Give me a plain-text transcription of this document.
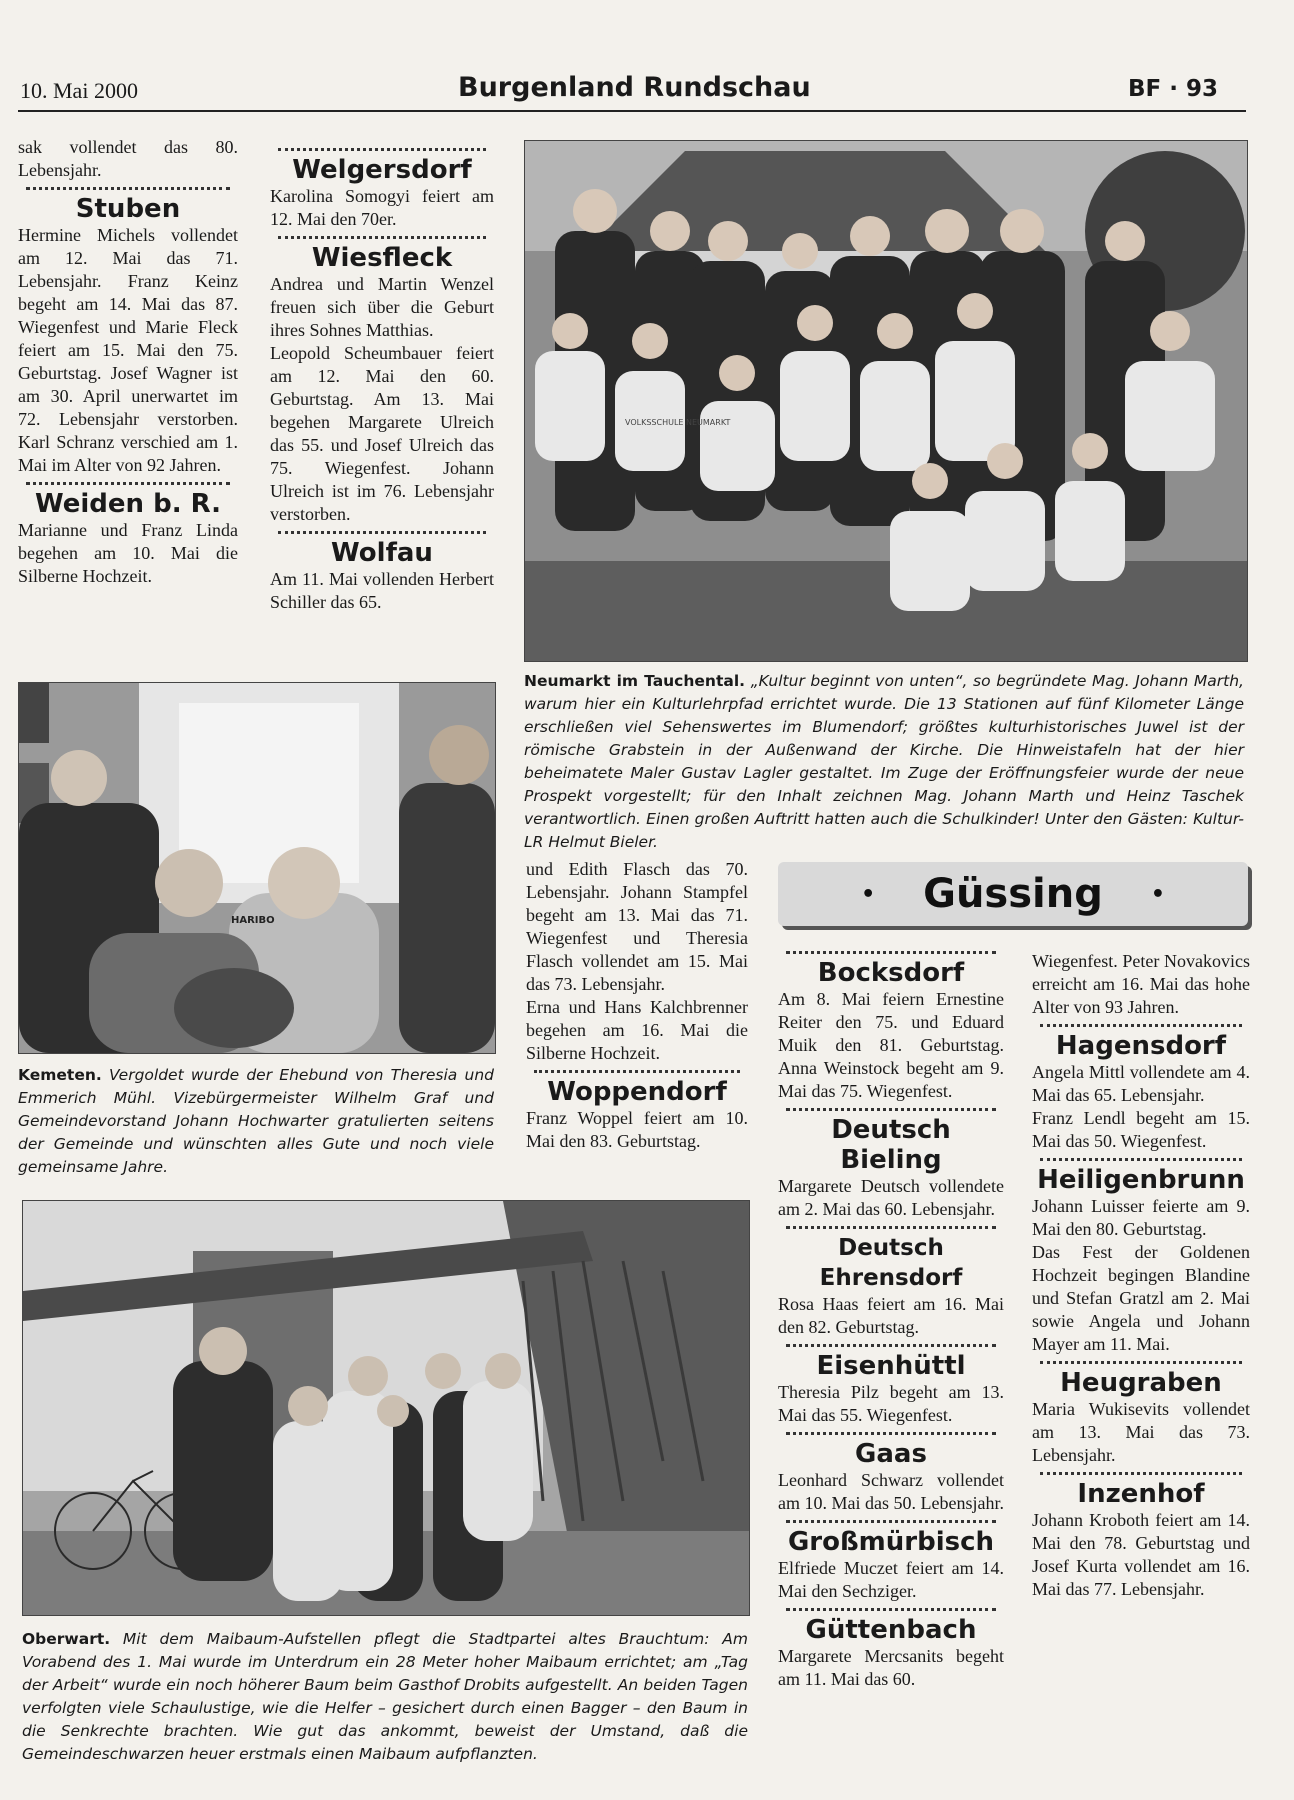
10. Mai 2000	Burgenland Rundschau	BF · 93

sak vollendet das 80. Lebensjahr.

Stuben

Hermine Michels vollendet am 12. Mai das 71. Lebensjahr. Franz Keinz begeht am 14. Mai das 87. Wiegenfest und Marie Fleck feiert am 15. Mai den 75. Geburtstag. Josef Wagner ist am 30. April unerwartet im 72. Lebensjahr verstorben. Karl Schranz verschied am 1. Mai im Alter von 92 Jahren.

Weiden b. R.

Marianne und Franz Linda begehen am 10. Mai die Silberne Hochzeit.

Welgersdorf

Karolina Somogyi feiert am 12. Mai den 70er.

Wiesfleck

Andrea und Martin Wenzel freuen sich über die Geburt ihres Sohnes Matthias.

Leopold Scheumbauer feiert am 12. Mai den 60. Geburtstag. Am 13. Mai begehen Margarete Ulreich das 55. und Josef Ulreich das 75. Wiegenfest. Johann Ulreich ist im 76. Lebensjahr verstorben.

Wolfau

Am 11. Mai vollenden Herbert Schiller das 65.

VOLKSSCHULE NEUMARKT
Neumarkt im Tauchental. „Kultur beginnt von unten“, so begründete Mag. Johann Marth, warum hier ein Kulturlehrpfad errichtet wurde. Die 13 Stationen auf fünf Kilometer Länge erschließen viel Sehenswertes im Blumendorf; größtes kulturhistorisches Juwel ist der römische Grabstein in der Außenwand der Kirche. Die Hinweistafeln hat der hier beheimatete Maler Gustav Lagler gestaltet. Im Zuge der Eröffnungsfeier wurde der neue Prospekt vorgestellt; für den Inhalt zeichnen Mag. Johann Marth und Heinz Taschek verantwortlich. Einen großen Auftritt hatten auch die Schulkinder! Unter den Gästen: Kultur-LR Helmut Bieler.
HARIBO
Kemeten. Vergoldet wurde der Ehebund von Theresia und Emmerich Mühl. Vizebürgermeister Wilhelm Graf und Gemeindevorstand Johann Hochwarter gratulierten seitens der Gemeinde und wünschten alles Gute und noch viele gemeinsame Jahre.

und Edith Flasch das 70. Lebensjahr. Johann Stampfel begeht am 13. Mai das 71. Wiegenfest und Theresia Flasch vollendet am 15. Mai das 73. Lebensjahr.

Erna und Hans Kalchbrenner begehen am 16. Mai die Silberne Hochzeit.

Woppendorf

Franz Woppel feiert am 10. Mai den 83. Geburtstag.

• Güssing •
Bocksdorf

Am 8. Mai feiern Ernestine Reiter den 75. und Eduard Muik den 81. Geburtstag. Anna Weinstock begeht am 9. Mai das 75. Wiegenfest.

Deutsch Bieling

Margarete Deutsch vollendete am 2. Mai das 60. Lebensjahr.

Deutsch Ehrensdorf

Rosa Haas feiert am 16. Mai den 82. Geburtstag.

Eisenhüttl

Theresia Pilz begeht am 13. Mai das 55. Wiegenfest.

Gaas

Leonhard Schwarz vollendet am 10. Mai das 50. Lebensjahr.

Großmürbisch

Elfriede Muczet feiert am 14. Mai den Sechziger.

Güttenbach

Margarete Mercsanits begeht am 11. Mai das 60.

Wiegenfest. Peter Novakovics erreicht am 16. Mai das hohe Alter von 93 Jahren.

Hagensdorf

Angela Mittl vollendete am 4. Mai das 65. Lebensjahr.

Franz Lendl begeht am 15. Mai das 50. Wiegenfest.

Heiligenbrunn

Johann Luisser feierte am 9. Mai den 80. Geburtstag.

Das Fest der Goldenen Hochzeit begingen Blandine und Stefan Gratzl am 2. Mai sowie Angela und Johann Mayer am 11. Mai.

Heugraben

Maria Wukisevits vollendet am 13. Mai das 73. Lebensjahr.

Inzenhof

Johann Kroboth feiert am 14. Mai den 78. Geburtstag und Josef Kurta vollendet am 16. Mai das 77. Lebensjahr.

Oberwart. Mit dem Maibaum-Aufstellen pflegt die Stadtpartei altes Brauchtum: Am Vorabend des 1. Mai wurde im Unterdrum ein 28 Meter hoher Maibaum errichtet; am „Tag der Arbeit“ wurde ein noch höherer Baum beim Gasthof Drobits aufgestellt. An beiden Tagen verfolgten viele Schaulustige, wie die Helfer – gesichert durch einen Bagger – den Baum in die Senkrechte brachten. Wie gut das ankommt, beweist der Umstand, daß die Gemeindeschwarzen heuer erstmals einen Maibaum aufpflanzten.
